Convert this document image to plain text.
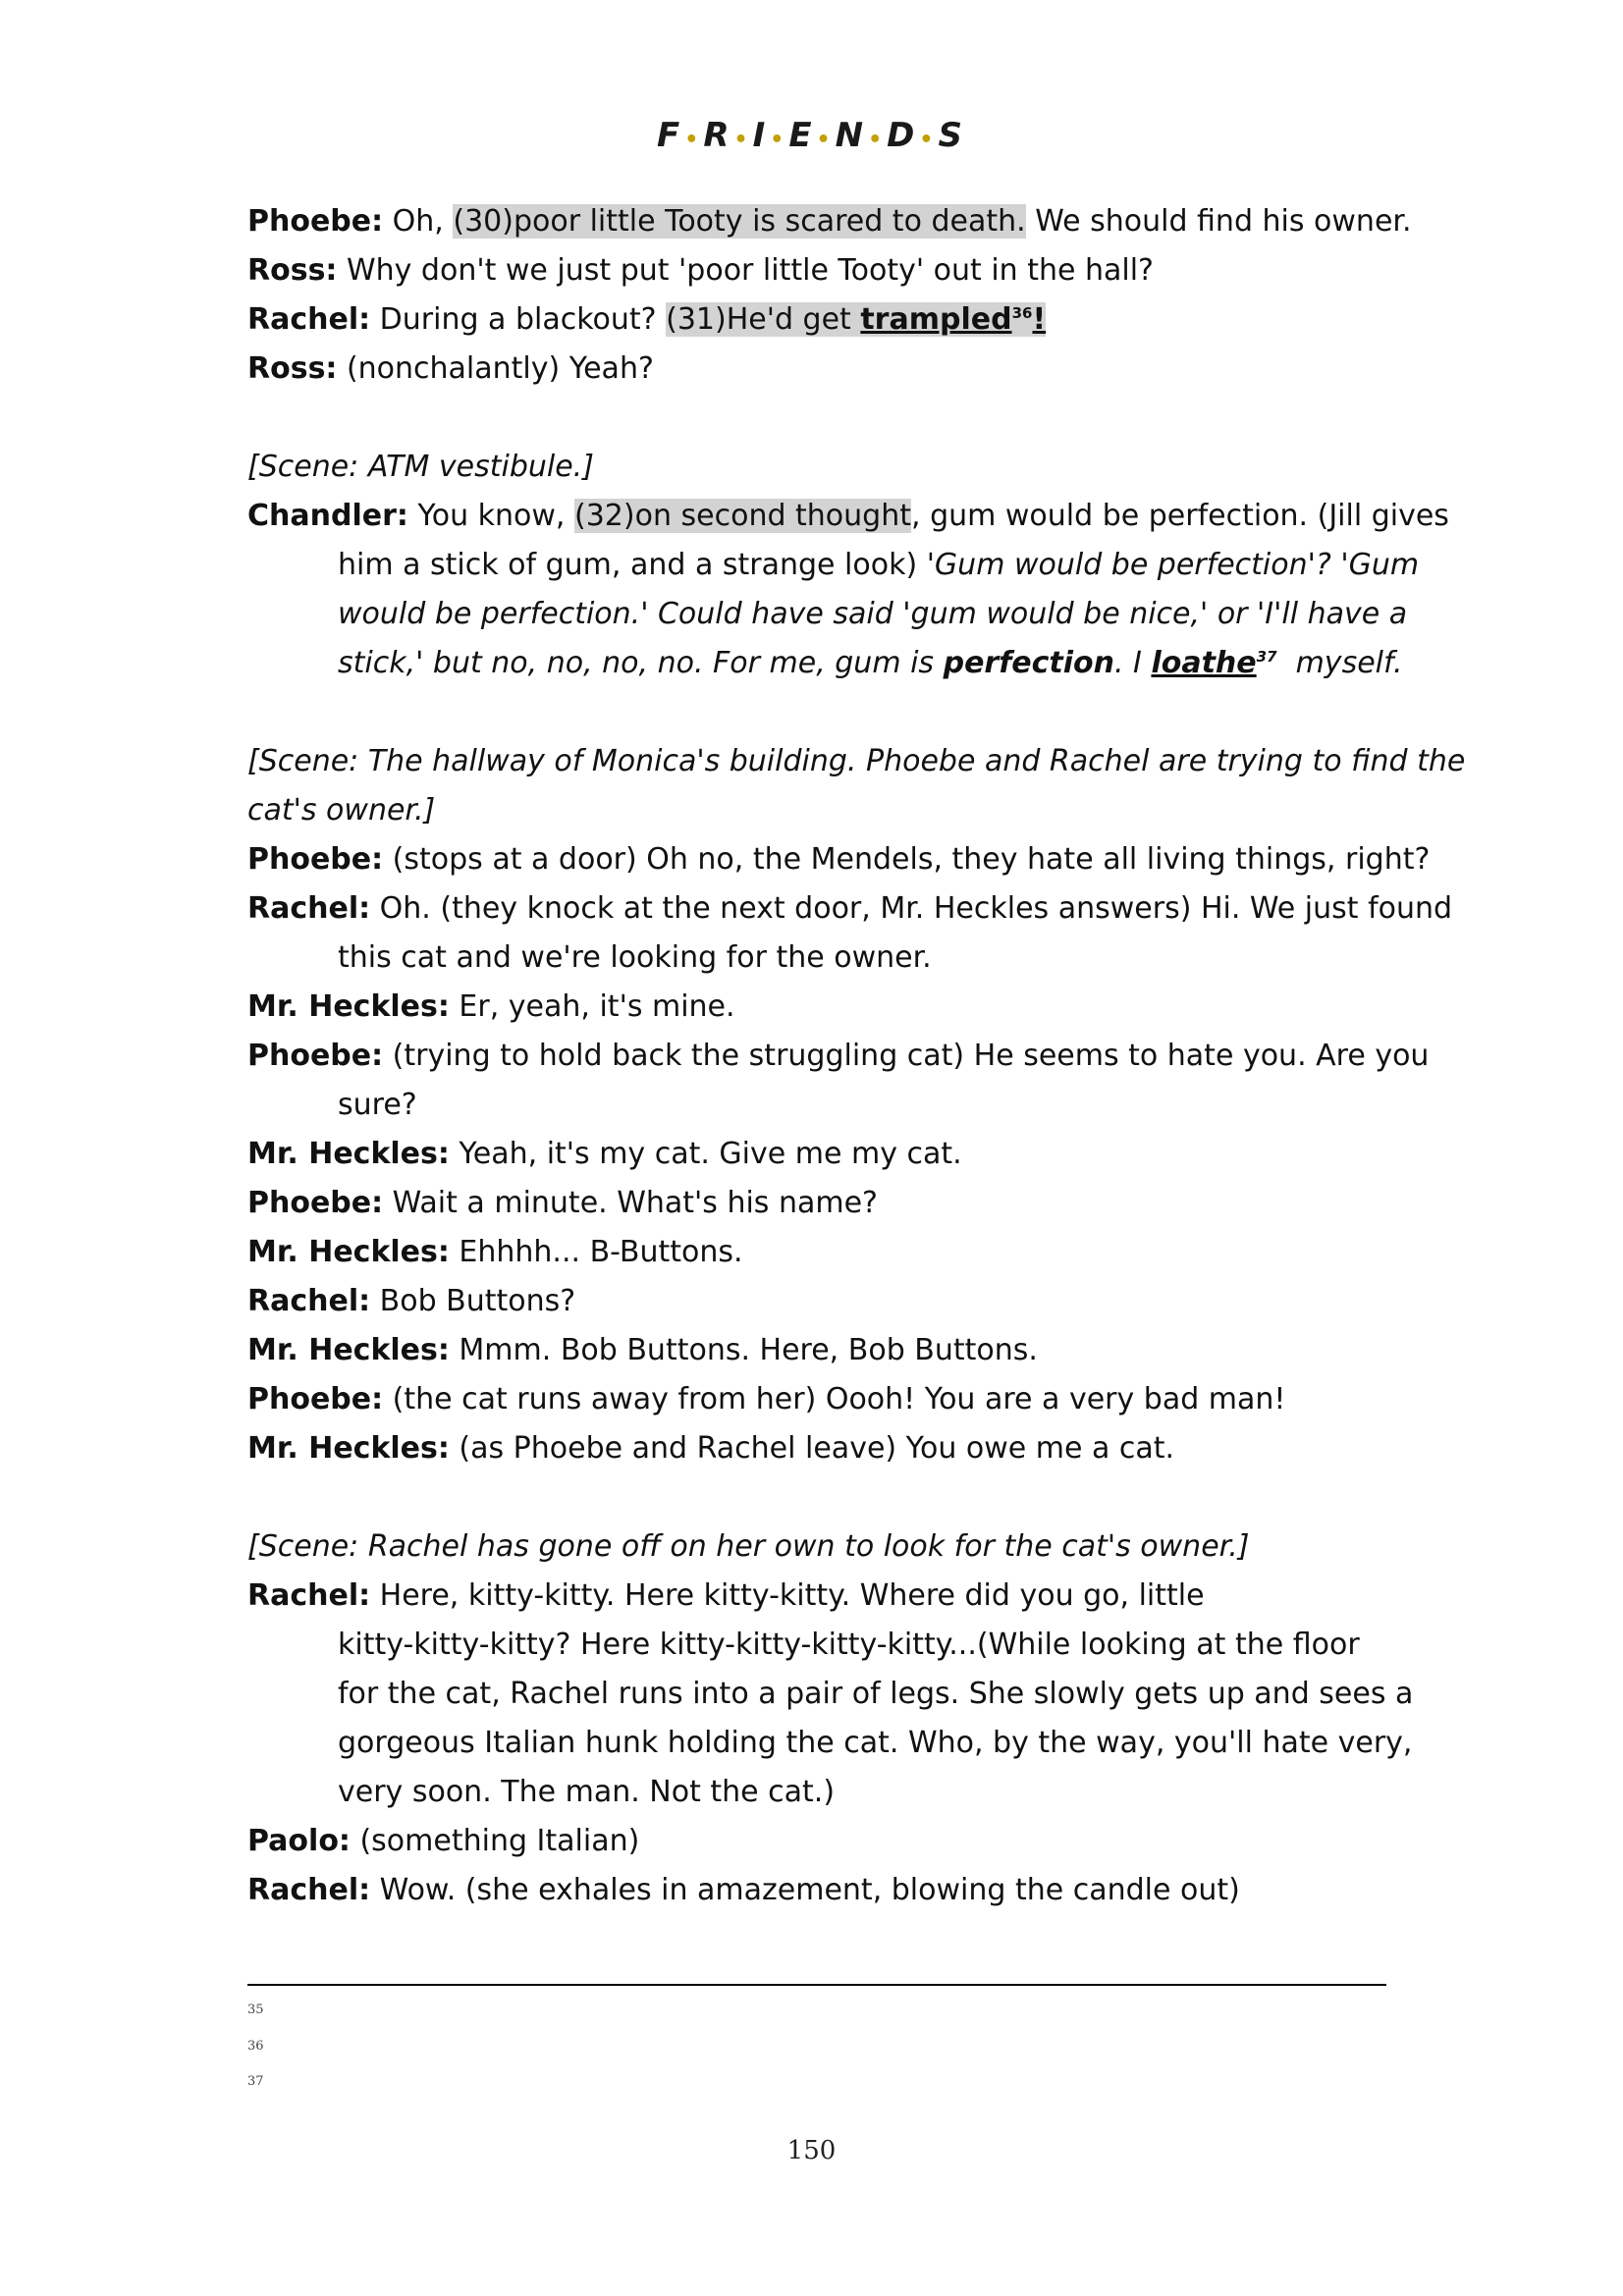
F•R•I•E•N•D•S
Phoebe: Oh, (30)poor little Tooty is scared to death. We should find his owner.
Ross: Why don't we just put 'poor little Tooty' out in the hall?
Rachel: During a blackout? (31)He'd get trampled$^{36}$!
Ross: (nonchalantly) Yeah?
[Scene: ATM vestibule.]
Chandler: You know, (32)on second thought, gum would be perfection. (Jill gives
him a stick of gum, and a strange look) 'Gum would be perfection'? 'Gum
would be perfection.' Could have said 'gum would be nice,' or 'I'll have a
stick,' but no, no, no, no. For me, gum is perfection. I loathe$^{37}$  myself.
[Scene: The hallway of Monica's building. Phoebe and Rachel are trying to find the
cat's owner.]
Phoebe: (stops at a door) Oh no, the Mendels, they hate all living things, right?
Rachel: Oh. (they knock at the next door, Mr. Heckles answers) Hi. We just found
this cat and we're looking for the owner.
Mr. Heckles: Er, yeah, it's mine.
Phoebe: (trying to hold back the struggling cat) He seems to hate you. Are you
sure?
Mr. Heckles: Yeah, it's my cat. Give me my cat.
Phoebe: Wait a minute. What's his name?
Mr. Heckles: Ehhhh... B-Buttons.
Rachel: Bob Buttons?
Mr. Heckles: Mmm. Bob Buttons. Here, Bob Buttons.
Phoebe: (the cat runs away from her) Oooh! You are a very bad man!
Mr. Heckles: (as Phoebe and Rachel leave) You owe me a cat.
[Scene: Rachel has gone off on her own to look for the cat's owner.]
Rachel: Here, kitty-kitty. Here kitty-kitty. Where did you go, little
kitty-kitty-kitty? Here kitty-kitty-kitty-kitty...(While looking at the floor
for the cat, Rachel runs into a pair of legs. She slowly gets up and sees a
gorgeous Italian hunk holding the cat. Who, by the way, you'll hate very,
very soon. The man. Not the cat.)
Paolo: (something Italian)
Rachel: Wow. (she exhales in amazement, blowing the candle out)
35
36
37
150
